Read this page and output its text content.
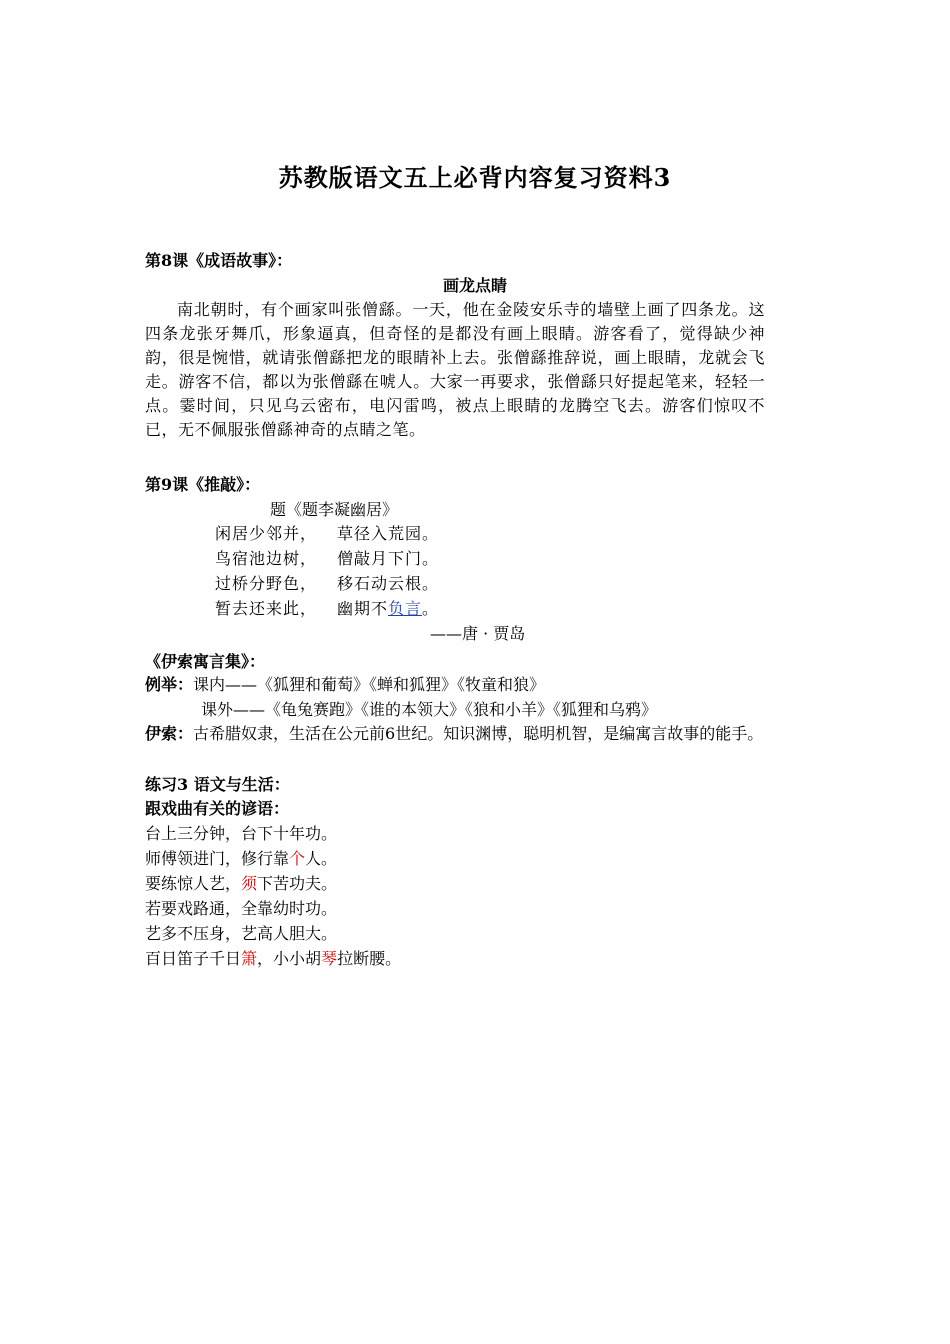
苏教版语文五上必背内容复习资料3
第8课《成语故事》：
画龙点睛
南北朝时，有个画家叫张僧繇。一天，他在金陵安乐寺的墙壁上画了四条龙。这四条龙张牙舞爪，形象逼真，但奇怪的是都没有画上眼睛。游客看了，觉得缺少神韵，很是惋惜，就请张僧繇把龙的眼睛补上去。张僧繇推辞说，画上眼睛，龙就会飞走。游客不信，都以为张僧繇在唬人。大家一再要求，张僧繇只好提起笔来，轻轻一点。霎时间，只见乌云密布，电闪雷鸣，被点上眼睛的龙腾空飞去。游客们惊叹不已，无不佩服张僧繇神奇的点睛之笔。
第9课《推敲》：
题《题李凝幽居》
闲居少邻并， 草径入荒园。
鸟宿池边树， 僧敲月下门。
过桥分野色， 移石动云根。
暂去还来此， 幽期不负言。
——唐 · 贾岛
《伊索寓言集》：
例举：课内——《狐狸和葡萄》《蝉和狐狸》《牧童和狼》
课外——《龟兔赛跑》《谁的本领大》《狼和小羊》《狐狸和乌鸦》
伊索：古希腊奴隶，生活在公元前6世纪。知识渊博，聪明机智，是编寓言故事的能手。
练习3 语文与生活：
跟戏曲有关的谚语：
台上三分钟，台下十年功。
师傅领进门，修行靠个人。
要练惊人艺，须下苦功夫。
若要戏路通，全靠幼时功。
艺多不压身，艺高人胆大。
百日笛子千日箫，小小胡琴拉断腰。
